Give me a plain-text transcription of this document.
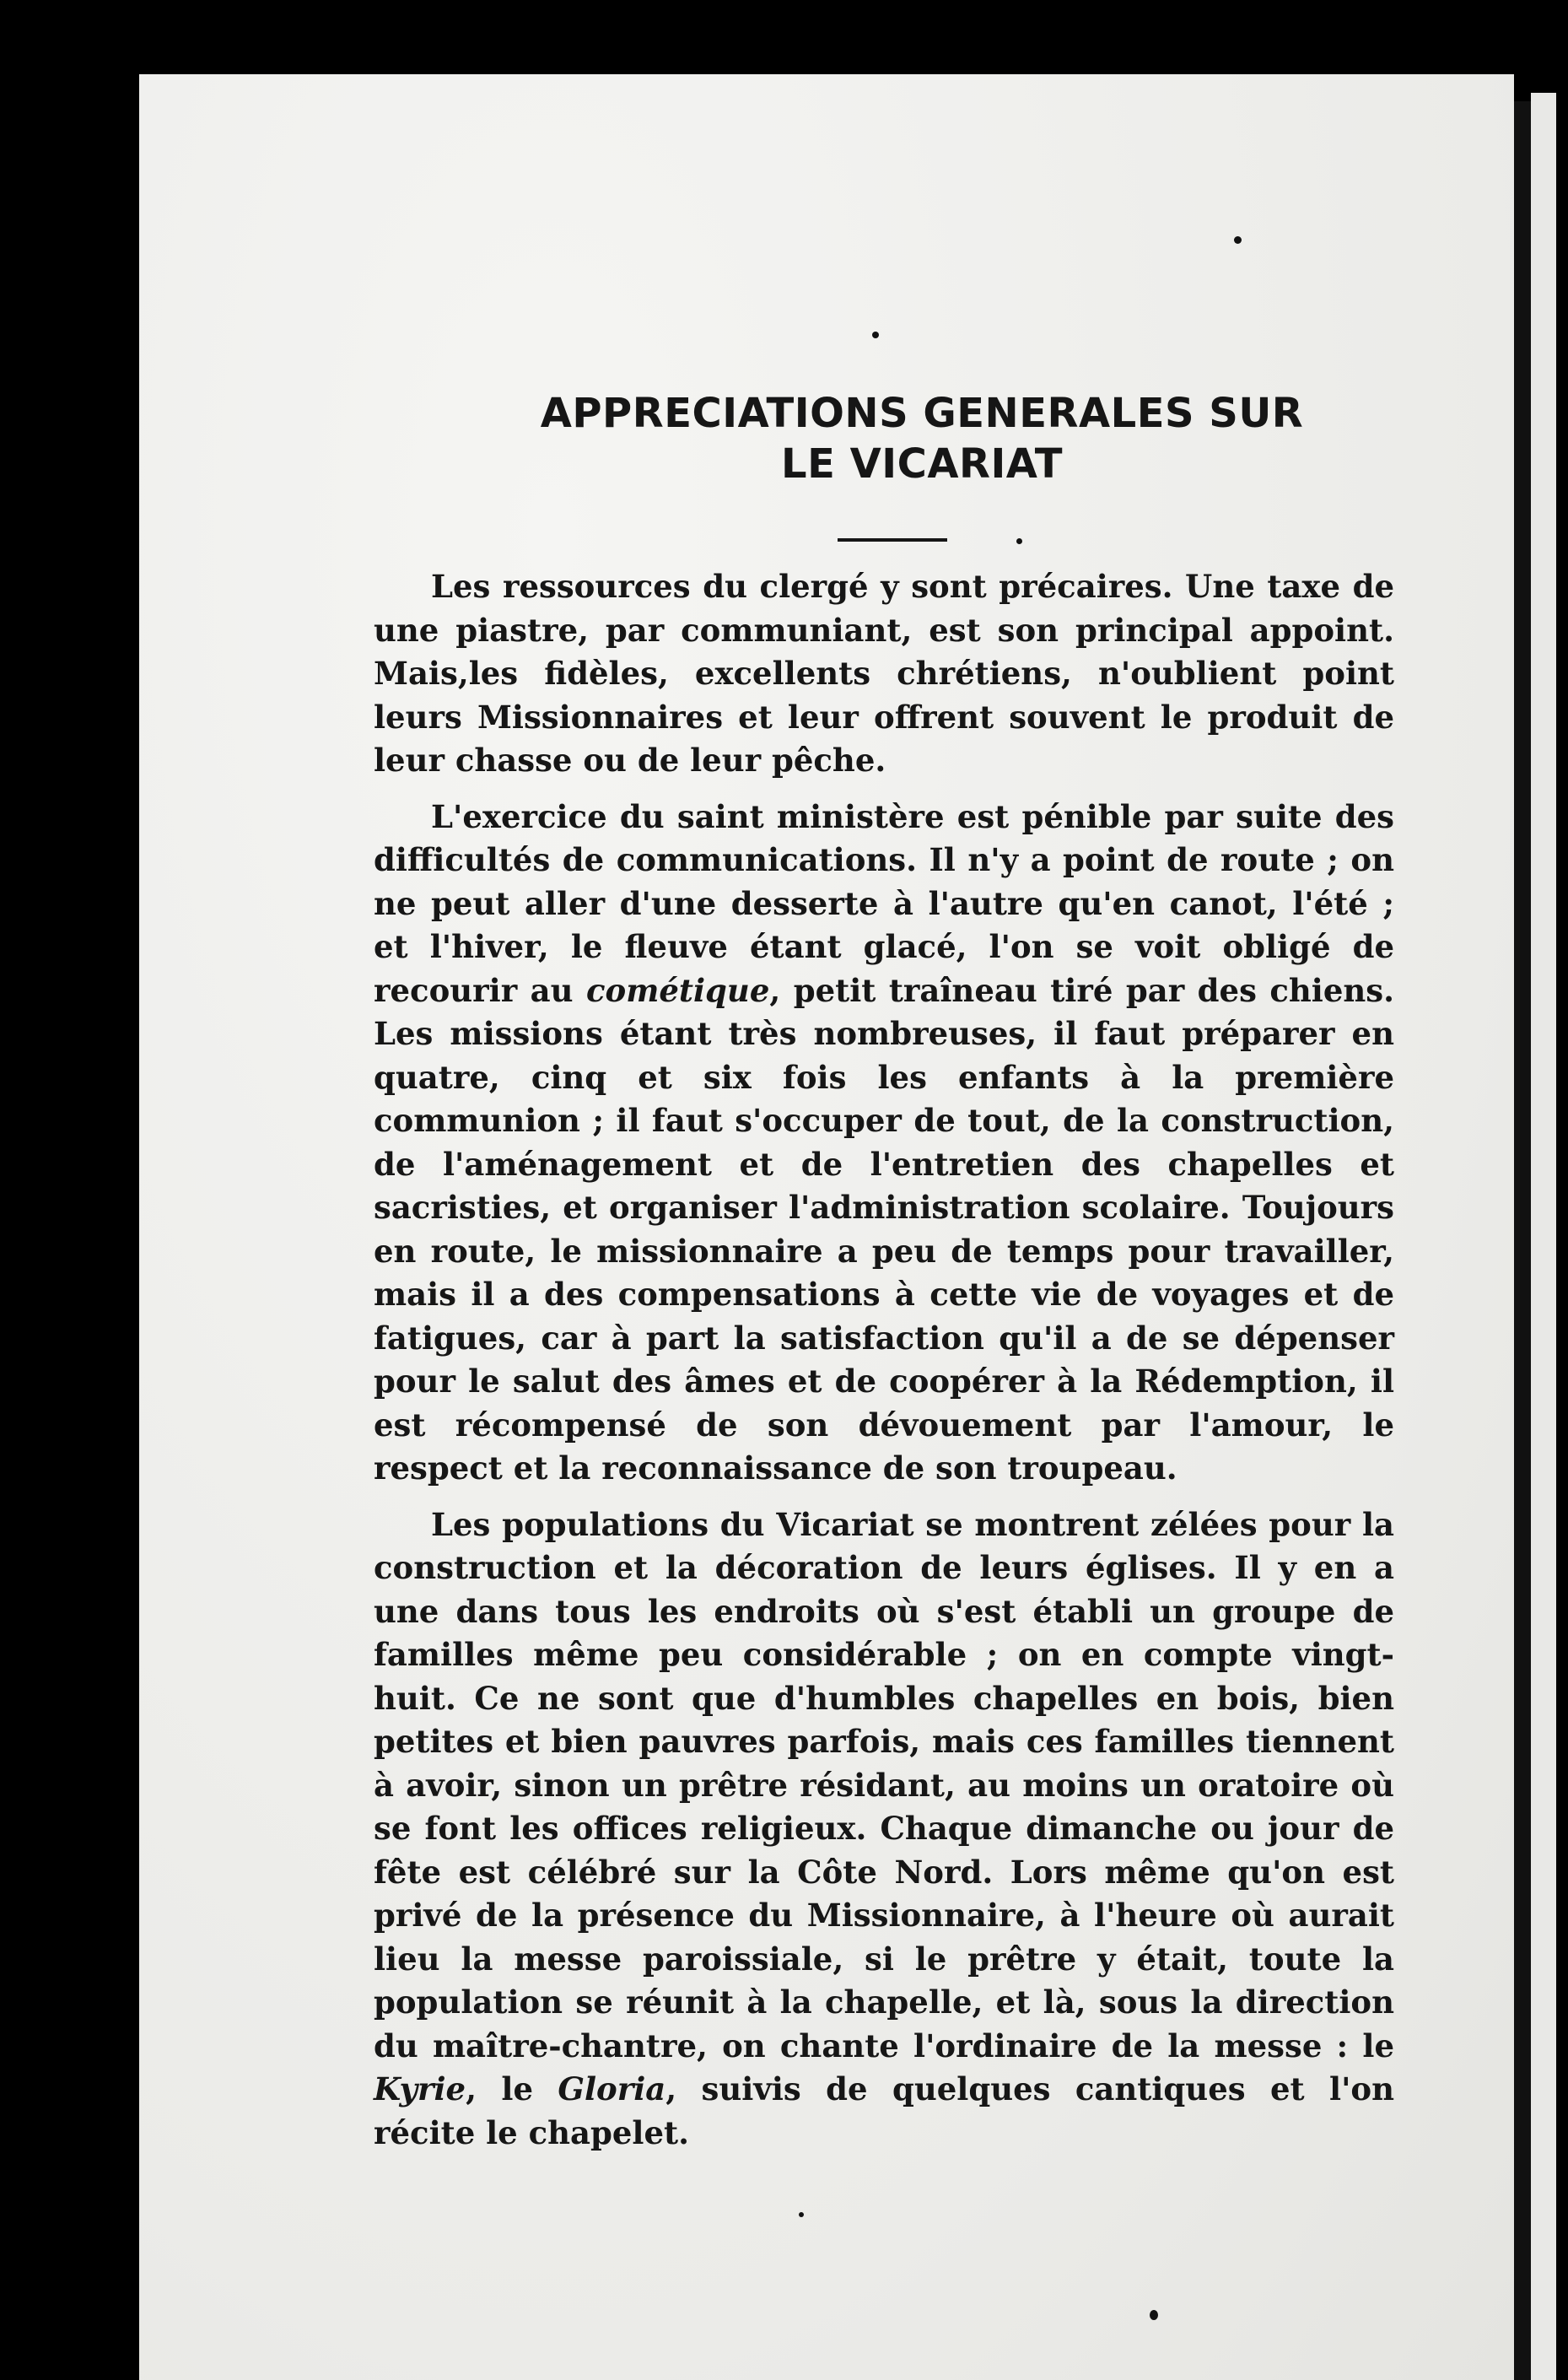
APPRECIATIONS GENERALES SUR
LE VICARIAT

Les ressources du clergé y sont précaires. Une taxe de une piastre, par communiant, est son principal appoint. Mais,les fidèles, excellents chrétiens, n'oublient point leurs Missionnaires et leur offrent souvent le produit de leur chasse ou de leur pêche.

L'exercice du saint ministère est pénible par suite des difficultés de communications. Il n'y a point de route ; on ne peut aller d'une desserte à l'autre qu'en canot, l'été ; et l'hiver, le fleuve étant glacé, l'on se voit obligé de recourir au cométique, petit traîneau tiré par des chiens. Les missions étant très nombreuses, il faut préparer en quatre, cinq et six fois les enfants à la première communion ; il faut s'occuper de tout, de la construction, de l'aménagement et de l'entretien des chapelles et sacristies, et organiser l'administration scolaire. Toujours en route, le missionnaire a peu de temps pour travailler, mais il a des compensations à cette vie de voyages et de fatigues, car à part la satisfaction qu'il a de se dépenser pour le salut des âmes et de coopérer à la Rédemption, il est récompensé de son dévouement par l'amour, le respect et la reconnaissance de son troupeau.

Les populations du Vicariat se montrent zélées pour la construction et la décoration de leurs églises. Il y en a une dans tous les endroits où s'est établi un groupe de familles même peu considérable ; on en compte vingt-huit. Ce ne sont que d'humbles chapelles en bois, bien petites et bien pauvres parfois, mais ces familles tiennent à avoir, sinon un prêtre résidant, au moins un oratoire où se font les offices religieux. Chaque dimanche ou jour de fête est célébré sur la Côte Nord. Lors même qu'on est privé de la présence du Missionnaire, à l'heure où aurait lieu la messe paroissiale, si le prêtre y était, toute la population se réunit à la chapelle, et là, sous la direction du maître-chantre, on chante l'ordinaire de la messe : le Kyrie, le Gloria, suivis de quelques cantiques et l'on récite le chapelet.
